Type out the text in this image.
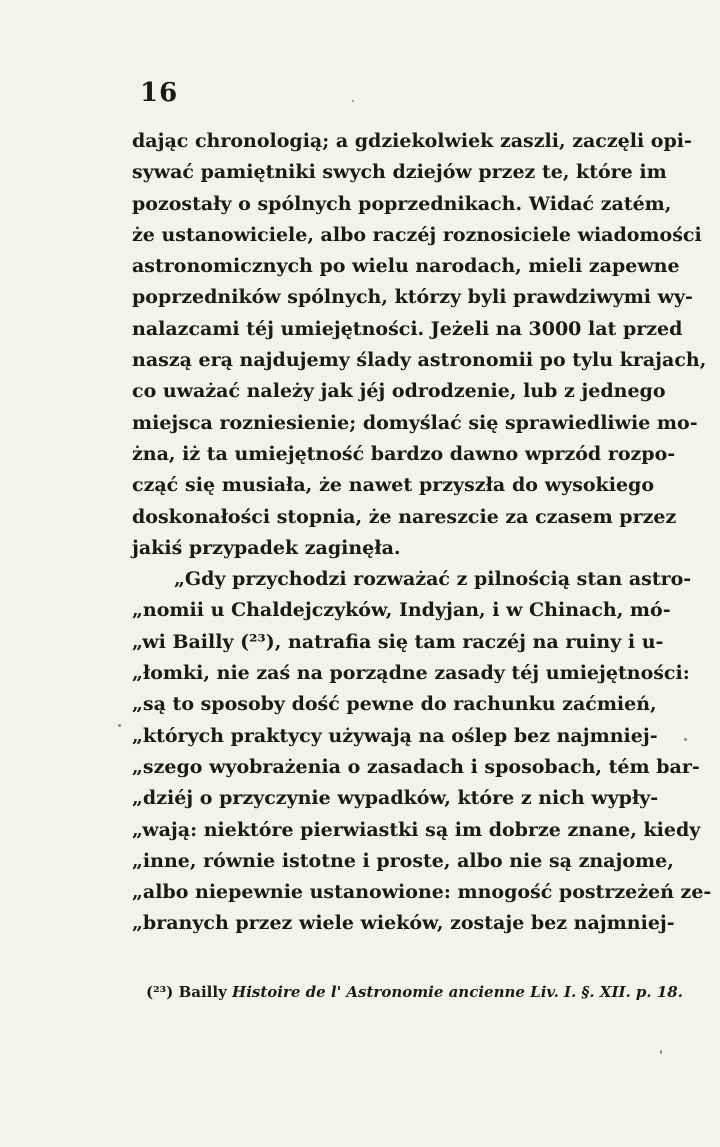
16
dając chronologią; a gdziekolwiek zaszli, zaczęli opi-
sywać pamiętniki swych dziejów przez te, które im
pozostały o spólnych poprzednikach. Widać zatém,
że ustanowiciele, albo raczéj roznosiciele wiadomości
astronomicznych po wielu narodach, mieli zapewne
poprzedników spólnych, którzy byli prawdziwymi wy-
nalazcami téj umiejętności. Jeżeli na 3000 lat przed
naszą erą najdujemy ślady astronomii po tylu krajach,
co uważać należy jak jéj odrodzenie, lub z jednego
miejsca rozniesienie; domyślać się sprawiedliwie mo-
żna, iż ta umiejętność bardzo dawno wprzód rozpo-
cząć się musiała, że nawet przyszła do wysokiego
doskonałości stopnia, że nareszcie za czasem przez
jakiś przypadek zaginęła.
„Gdy przychodzi rozważać z pilnością stan astro-
„nomii u Chaldejczyków, Indyjan, i w Chinach, mó-
„wi Bailly (²³), natrafia się tam raczéj na ruiny i u-
„łomki, nie zaś na porządne zasady téj umiejętności:
„są to sposoby dość pewne do rachunku zaćmień,
„których praktycy używają na oślep bez najmniej-
„szego wyobrażenia o zasadach i sposobach, tém bar-
„dziéj o przyczynie wypadków, które z nich wypły-
„wają: niektóre pierwiastki są im dobrze znane, kiedy
„inne, równie istotne i proste, albo nie są znajome,
„albo niepewnie ustanowione: mnogość postrzeżeń ze-
„branych przez wiele wieków, zostaje bez najmniej-
(²³) Bailly Histoire de l' Astronomie ancienne Liv. I. §. XII. p. 18.
